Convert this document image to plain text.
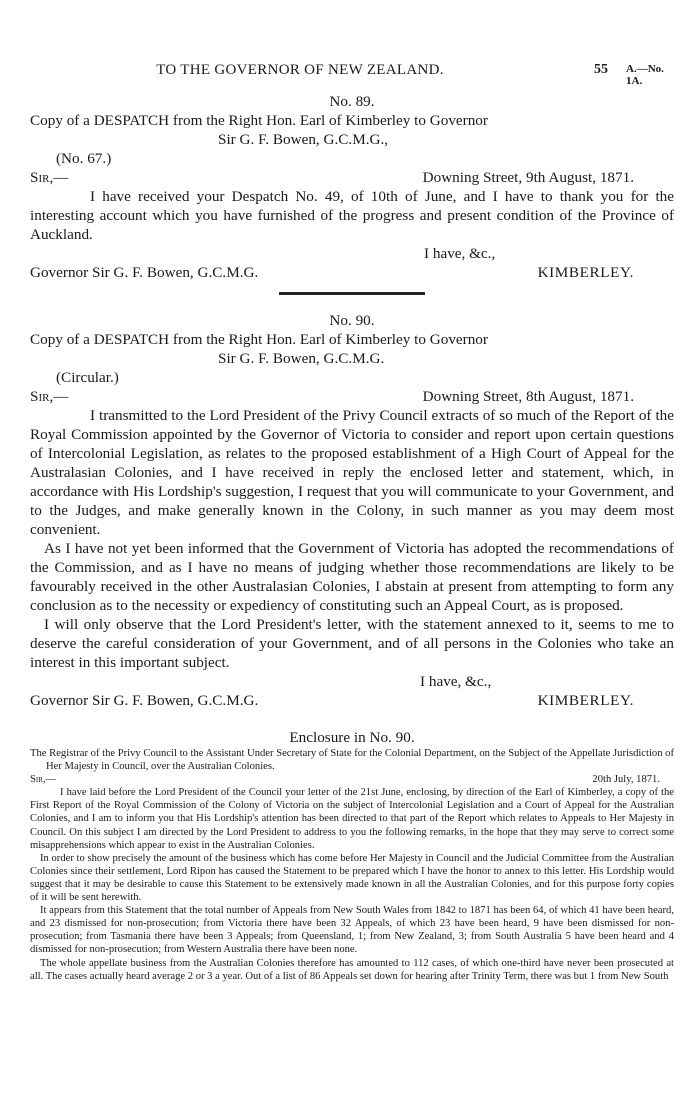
TO THE GOVERNOR OF NEW ZEALAND.	55 A.—No. 1A.
No. 89.
Copy of a DESPATCH from the Right Hon. Earl of Kimberley to Governor
Sir G. F. Bowen, G.C.M.G.,
(No. 67.)
Sir,—	Downing Street, 9th August, 1871.

I have received your Despatch No. 49, of 10th of June, and I have to thank you for the interesting account which you have furnished of the progress and present condition of the Province of Auckland.

I have, &c.,
Governor Sir G. F. Bowen, G.C.M.G.	KIMBERLEY.
No. 90.
Copy of a DESPATCH from the Right Hon. Earl of Kimberley to Governor
Sir G. F. Bowen, G.C.M.G.
(Circular.)
Sir,—	Downing Street, 8th August, 1871.

I transmitted to the Lord President of the Privy Council extracts of so much of the Report of the Royal Commission appointed by the Governor of Victoria to consider and report upon certain questions of Intercolonial Legislation, as relates to the proposed establishment of a High Court of Appeal for the Australasian Colonies, and I have received in reply the enclosed letter and statement, which, in accordance with His Lordship's suggestion, I request that you will communicate to your Government, and to the Judges, and make generally known in the Colony, in such manner as you may deem most convenient.

As I have not yet been informed that the Government of Victoria has adopted the recommendations of the Commission, and as I have no means of judging whether those recommendations are likely to be favourably received in the other Australasian Colonies, I abstain at present from attempting to form any conclusion as to the necessity or expediency of constituting such an Appeal Court, as is proposed.

I will only observe that the Lord President's letter, with the statement annexed to it, seems to me to deserve the careful consideration of your Government, and of all persons in the Colonies who take an interest in this important subject.

I have, &c.,
Governor Sir G. F. Bowen, G.C.M.G.	KIMBERLEY.
Enclosure in No. 90.

The Registrar of the Privy Council to the Assistant Under Secretary of State for the Colonial Department, on the Subject of the Appellate Jurisdiction of Her Majesty in Council, over the Australian Colonies.

Sir,—	20th July, 1871.

I have laid before the Lord President of the Council your letter of the 21st June, enclosing, by direction of the Earl of Kimberley, a copy of the First Report of the Royal Commission of the Colony of Victoria on the subject of Intercolonial Legislation and a Court of Appeal for the Australian Colonies, and I am to inform you that His Lordship's attention has been directed to that part of the Report which relates to Appeals to Her Majesty in Council. On this subject I am directed by the Lord President to address to you the following remarks, in the hope that they may serve to correct some misapprehensions which appear to exist in the Australian Colonies.

In order to show precisely the amount of the business which has come before Her Majesty in Council and the Judicial Committee from the Australian Colonies since their settlement, Lord Ripon has caused the Statement to be prepared which I have the honor to annex to this letter. His Lordship would suggest that it may be desirable to cause this Statement to be extensively made known in all the Australian Colonies, and for this purpose forty copies of it will be sent herewith.

It appears from this Statement that the total number of Appeals from New South Wales from 1842 to 1871 has been 64, of which 41 have been heard, and 23 dismissed for non-prosecution; from Victoria there have been 32 Appeals, of which 23 have been heard, 9 have been dismissed for non-prosecution; from Tasmania there have been 3 Appeals; from Queensland, 1; from New Zealand, 3; from South Australia 5 have been heard and 4 dismissed for non-prosecution; from Western Australia there have been none.

The whole appellate business from the Australian Colonies therefore has amounted to 112 cases, of which one-third have never been prosecuted at all. The cases actually heard average 2 or 3 a year. Out of a list of 86 Appeals set down for hearing after Trinity Term, there was but 1 from New South
